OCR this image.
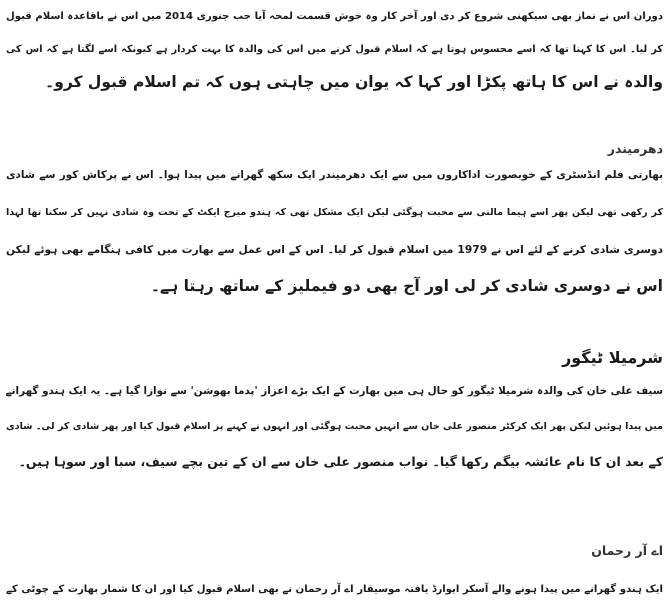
دوران اس نے نماز بھی سیکھنی شروع کر دی اور آخر کار وہ خوش قسمت لمحہ آیا جب جنوری 2014 میں اس نے باقاعدہ اسلام قبول
کر لیا۔ اس کا کہنا تھا کہ اسے محسوس ہوتا ہے کہ اسلام قبول کرنے میں اس کی والدہ کا بہت کردار ہے کیونکہ اسے لگتا ہے کہ اس کی
والدہ نے اس کا ہاتھ پکڑا اور کہا کہ یوان میں چاہتی ہوں کہ تم اسلام قبول کرو۔
دھرمیندر
بھارتی فلم انڈسٹری کے خوبصورت اداکاروں میں سے ایک دھرمیندر ایک سکھ گھرانے میں پیدا ہوا۔ اس نے پرکاش کور سے شادی
کر رکھی تھی لیکن پھر اسے ہیما مالنی سے محبت ہوگئی لیکن ایک مشکل تھی کہ ہندو میرج ایکٹ کے تحت وہ شادی نہیں کر سکتا تھا لہذا
دوسری شادی کرنے کے لئے اس نے 1979 میں اسلام قبول کر لیا۔ اس کے اس عمل سے بھارت میں کافی ہنگامے بھی ہوئے لیکن
اس نے دوسری شادی کر لی اور آج بھی دو فیملیز کے ساتھ رہتا ہے۔
شرمیلا ٹیگور
سیف علی خان کی والدہ شرمیلا ٹیگور کو حال ہی میں بھارت کے ایک بڑے اعزاز 'پدما بھوشن' سے نوازا گیا ہے۔ یہ ایک ہندو گھرانے
میں پیدا ہوئیں لیکن پھر ایک کرکٹر منصور علی خان سے انہیں محبت ہوگئی اور انہوں نے کہنے پر اسلام قبول کیا اور پھر شادی کر لی۔ شادی
کے بعد ان کا نام عائشہ بیگم رکھا گیا۔ نواب منصور علی خان سے ان کے تین بچے سیف، سبا اور سوہا ہیں۔
اے آر رحمان
ایک ہندو گھرانے میں پیدا ہونے والے آسکر ایوارڈ یافتہ موسیقار اے آر رحمان نے بھی اسلام قبول کیا اور ان کا شمار بھارت کے چوٹی کے
